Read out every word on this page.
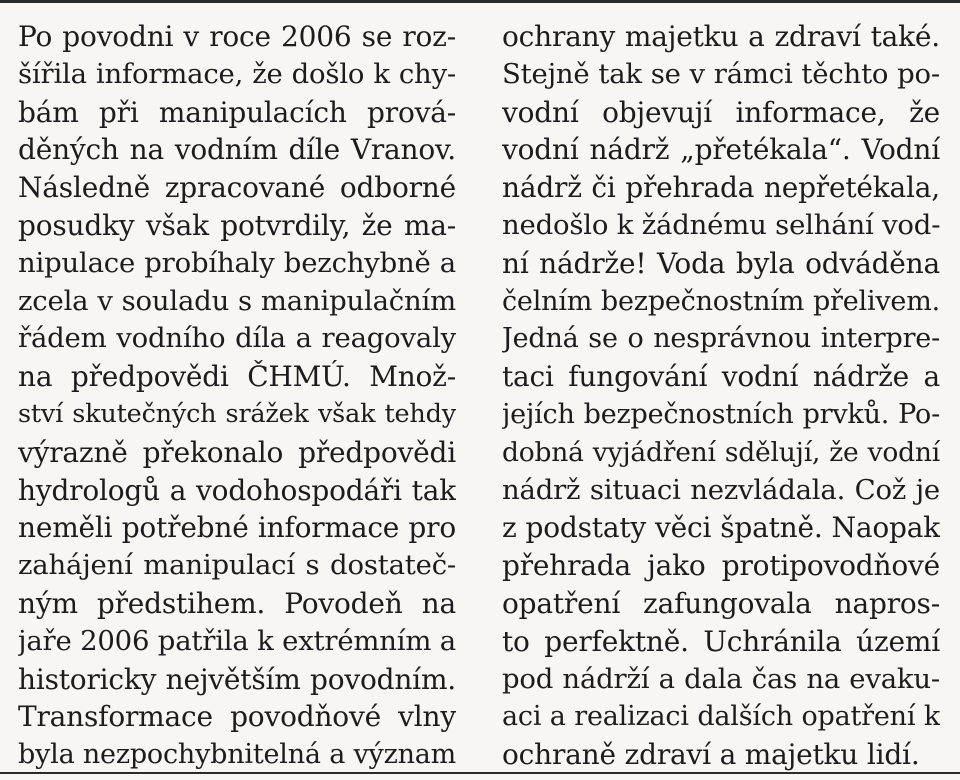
Po povodni v roce 2006 se roz-
šířila informace, že došlo k chy-
bám při manipulacích prová-
děných na vodním díle Vranov.
Následně zpracované odborné
posudky však potvrdily, že ma-
nipulace probíhaly bezchybně a
zcela v souladu s manipulačním
řádem vodního díla a reagovaly
na předpovědi ČHMÚ. Množ-
ství skutečných srážek však tehdy
výrazně překonalo předpovědi
hydrologů a vodohospodáři tak
neměli potřebné informace pro
zahájení manipulací s dostateč-
ným předstihem. Povodeň na
jaře 2006 patřila k extrémním a
historicky největším povodním.
Transformace povodňové vlny
byla nezpochybnitelná a význam
ochrany majetku a zdraví také.
Stejně tak se v rámci těchto po-
vodní objevují informace, že
vodní nádrž „přetékala“. Vodní
nádrž či přehrada nepřetékala,
nedošlo k žádnému selhání vod-
ní nádrže! Voda byla odváděna
čelním bezpečnostním přelivem.
Jedná se o nesprávnou interpre-
taci fungování vodní nádrže a
jejích bezpečnostních prvků. Po-
dobná vyjádření sdělují, že vodní
nádrž situaci nezvládala. Což je
z podstaty věci špatně. Naopak
přehrada jako protipovodňové
opatření zafungovala napros-
to perfektně. Uchránila území
pod nádrží a dala čas na evaku-
aci a realizaci dalších opatření k
ochraně zdraví a majetku lidí.
